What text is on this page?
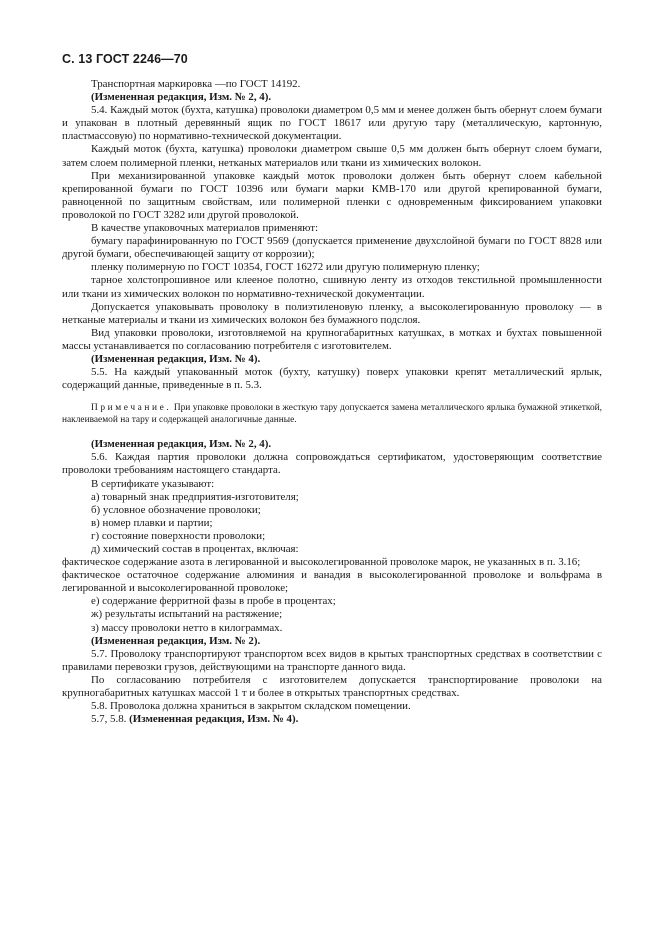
С. 13 ГОСТ 2246—70

Транспортная маркировка —по ГОСТ 14192.

(Измененная редакция, Изм. № 2, 4).

5.4. Каждый моток (бухта, катушка) проволоки диаметром 0,5 мм и менее должен быть обернут слоем бумаги и упакован в плотный деревянный ящик по ГОСТ 18617 или другую тару (металлическую, картонную, пластмассовую) по нормативно-технической документации.

Каждый моток (бухта, катушка) проволоки диаметром свыше 0,5 мм должен быть обернут слоем бумаги, затем слоем полимерной пленки, нетканых материалов или ткани из химических волокон.

При механизированной упаковке каждый моток проволоки должен быть обернут слоем кабельной крепированной бумаги по ГОСТ 10396 или бумаги марки КМВ-170 или другой крепированной бумаги, равноценной по защитным свойствам, или полимерной пленки с одновременным фиксированием упаковки проволокой по ГОСТ 3282 или другой проволокой.

В качестве упаковочных материалов применяют:

бумагу парафинированную по ГОСТ 9569 (допускается применение двухслойной бумаги по ГОСТ 8828 или другой бумаги, обеспечивающей защиту от коррозии);

пленку полимерную по ГОСТ 10354, ГОСТ 16272 или другую полимерную пленку;

тарное холстопрошивное или клееное полотно, сшивную ленту из отходов текстильной промышленности или ткани из химических волокон по нормативно-технической документации.

Допускается упаковывать проволоку в полиэтиленовую пленку, а высоколегированную проволоку — в нетканые материалы и ткани из химических волокон без бумажного подслоя.

Вид упаковки проволоки, изготовляемой на крупногабаритных катушках, в мотках и бухтах повышенной массы устанавливается по согласованию потребителя с изготовителем.

(Измененная редакция, Изм. № 4).

5.5. На каждый упакованный моток (бухту, катушку) поверх упаковки крепят металлический ярлык, содержащий данные, приведенные в п. 5.3.

Примечание. При упаковке проволоки в жесткую тару допускается замена металлического ярлыка бумажной этикеткой, наклеиваемой на тару и содержащей аналогичные данные.

(Измененная редакция, Изм. № 2, 4).

5.6. Каждая партия проволоки должна сопровождаться сертификатом, удостоверяющим соответствие проволоки требованиям настоящего стандарта.

В сертификате указывают:

а) товарный знак предприятия-изготовителя;

б) условное обозначение проволоки;

в) номер плавки и партии;

г) состояние поверхности проволоки;

д) химический состав в процентах, включая:

фактическое содержание азота в легированной и высоколегированной проволоке марок, не указанных в п. 3.16;

фактическое остаточное содержание алюминия и ванадия в высоколегированной проволоке и вольфрама в легированной и высоколегированной проволоке;

е) содержание ферритной фазы в пробе в процентах;

ж) результаты испытаний на растяжение;

з) массу проволоки нетто в килограммах.

(Измененная редакция, Изм. № 2).

5.7. Проволоку транспортируют транспортом всех видов в крытых транспортных средствах в соответствии с правилами перевозки грузов, действующими на транспорте данного вида.

По согласованию потребителя с изготовителем допускается транспортирование проволоки на крупногабаритных катушках массой 1 т и более в открытых транспортных средствах.

5.8. Проволока должна храниться в закрытом складском помещении.

5.7, 5.8. (Измененная редакция, Изм. № 4).
